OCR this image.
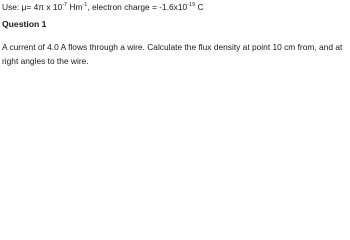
Use: μ= 4π x $10^{-7}$ $Hm^{-1}$, electron charge = $-1.6x10^{-19}$ C
Question 1
A current of 4.0 A flows through a wire. Calculate the flux density at point 10 cm from, and at right angles to the wire.
